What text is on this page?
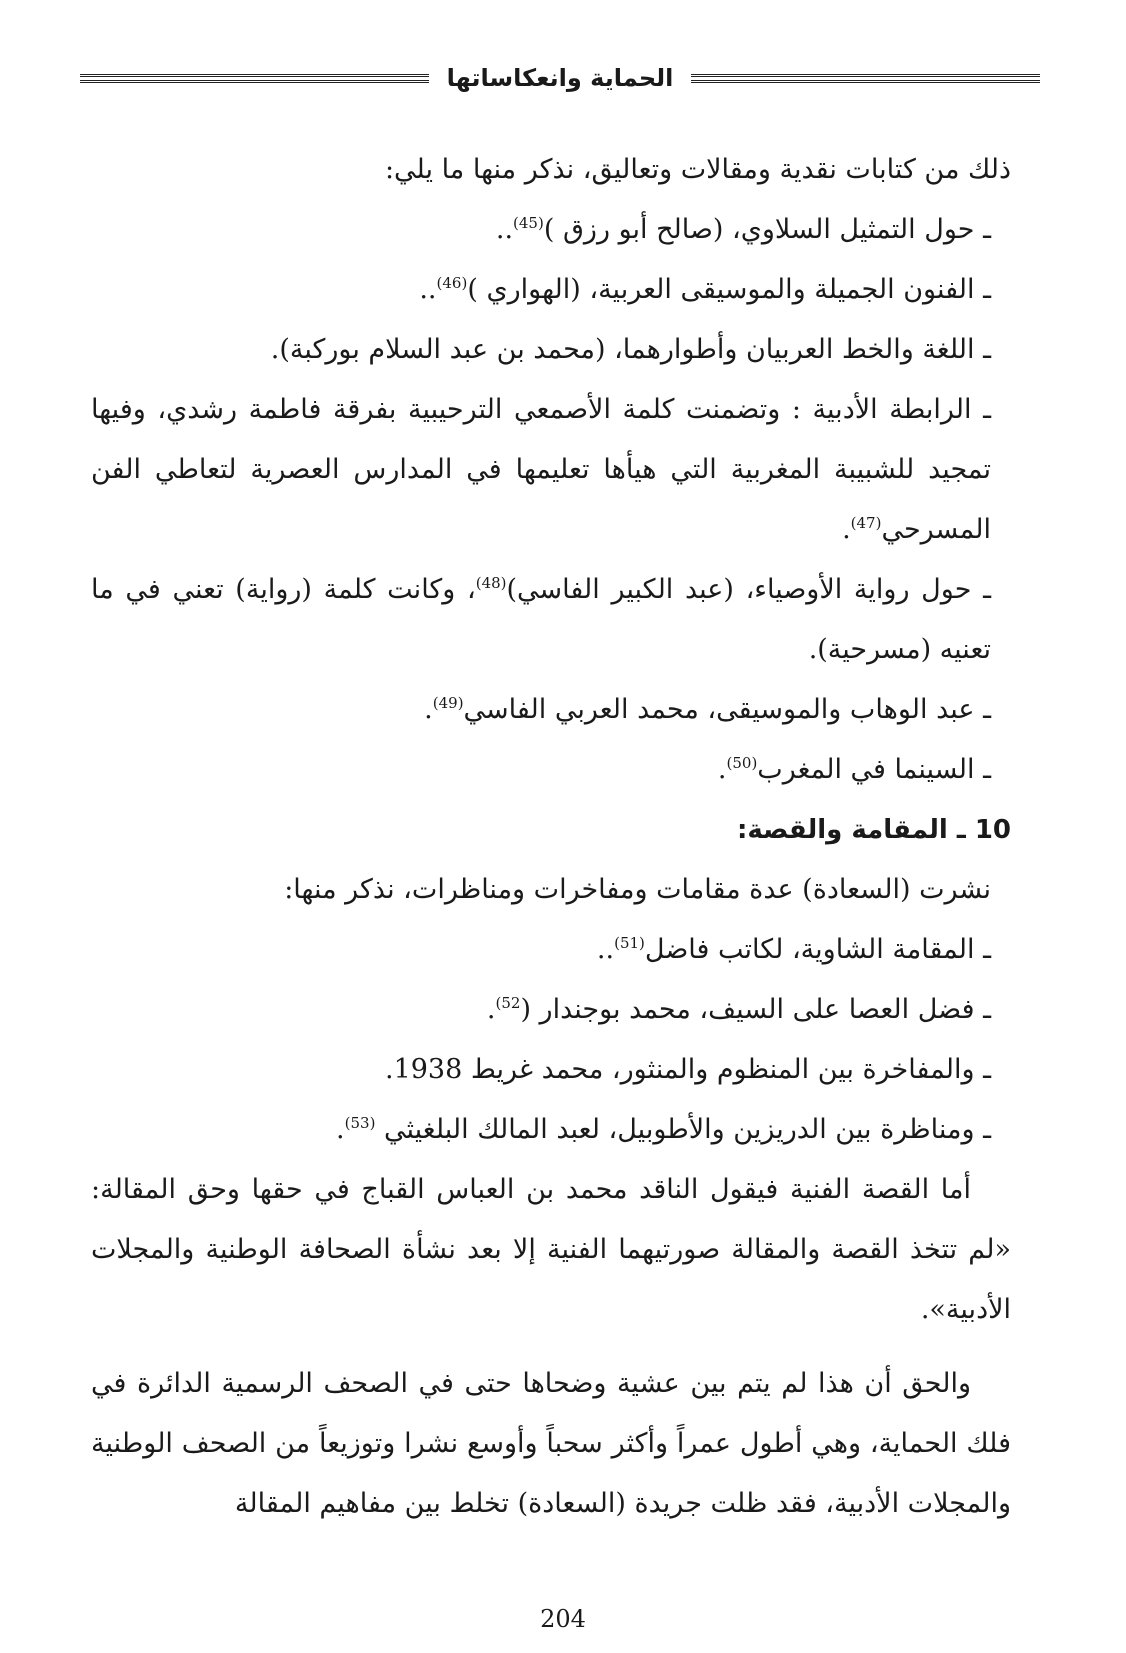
الحماية وانعكاساتها

ذلك من كتابات نقدية ومقالات وتعاليق، نذكر منها ما يلي:

ـ حول التمثيل السلاوي، (صالح أبو رزق )$^{(45)}$..

ـ الفنون الجميلة والموسيقى العربية، (الهواري )$^{(46)}$..

ـ اللغة والخط العربيان وأطوارهما، (محمد بن عبد السلام بوركبة).

ـ الرابطة الأدبية : وتضمنت كلمة الأصمعي الترحيبية بفرقة فاطمة رشدي، وفيها تمجيد للشبيبة المغربية التي هيأها تعليمها في المدارس العصرية لتعاطي الفن المسرحي$^{(47)}$.

ـ حول رواية الأوصياء، (عبد الكبير الفاسي)$^{(48)}$، وكانت كلمة (رواية) تعني في ما تعنيه (مسرحية).

ـ عبد الوهاب والموسيقى، محمد العربي الفاسي$^{(49)}$.

ـ السينما في المغرب$^{(50)}$.

10 ـ المقامة والقصة:

نشرت (السعادة) عدة مقامات ومفاخرات ومناظرات، نذكر منها:

ـ المقامة الشاوية، لكاتب فاضل$^{(51)}$..

ـ فضل العصا على السيف، محمد بوجندار ($^{52)}$.

ـ والمفاخرة بين المنظوم والمنثور، محمد غريط 1938.

ـ ومناظرة بين الدريزين والأطوبيل، لعبد المالك البلغيثي $^{(53)}$.

أما القصة الفنية فيقول الناقد محمد بن العباس القباج في حقها وحق المقالة: «لم تتخذ القصة والمقالة صورتيهما الفنية إلا بعد نشأة الصحافة الوطنية والمجلات الأدبية».

والحق أن هذا لم يتم بين عشية وضحاها حتى في الصحف الرسمية الدائرة في فلك الحماية، وهي أطول عمراً وأكثر سحباً وأوسع نشرا وتوزيعاً من الصحف الوطنية والمجلات الأدبية، فقد ظلت جريدة (السعادة) تخلط بين مفاهيم المقالة

204
